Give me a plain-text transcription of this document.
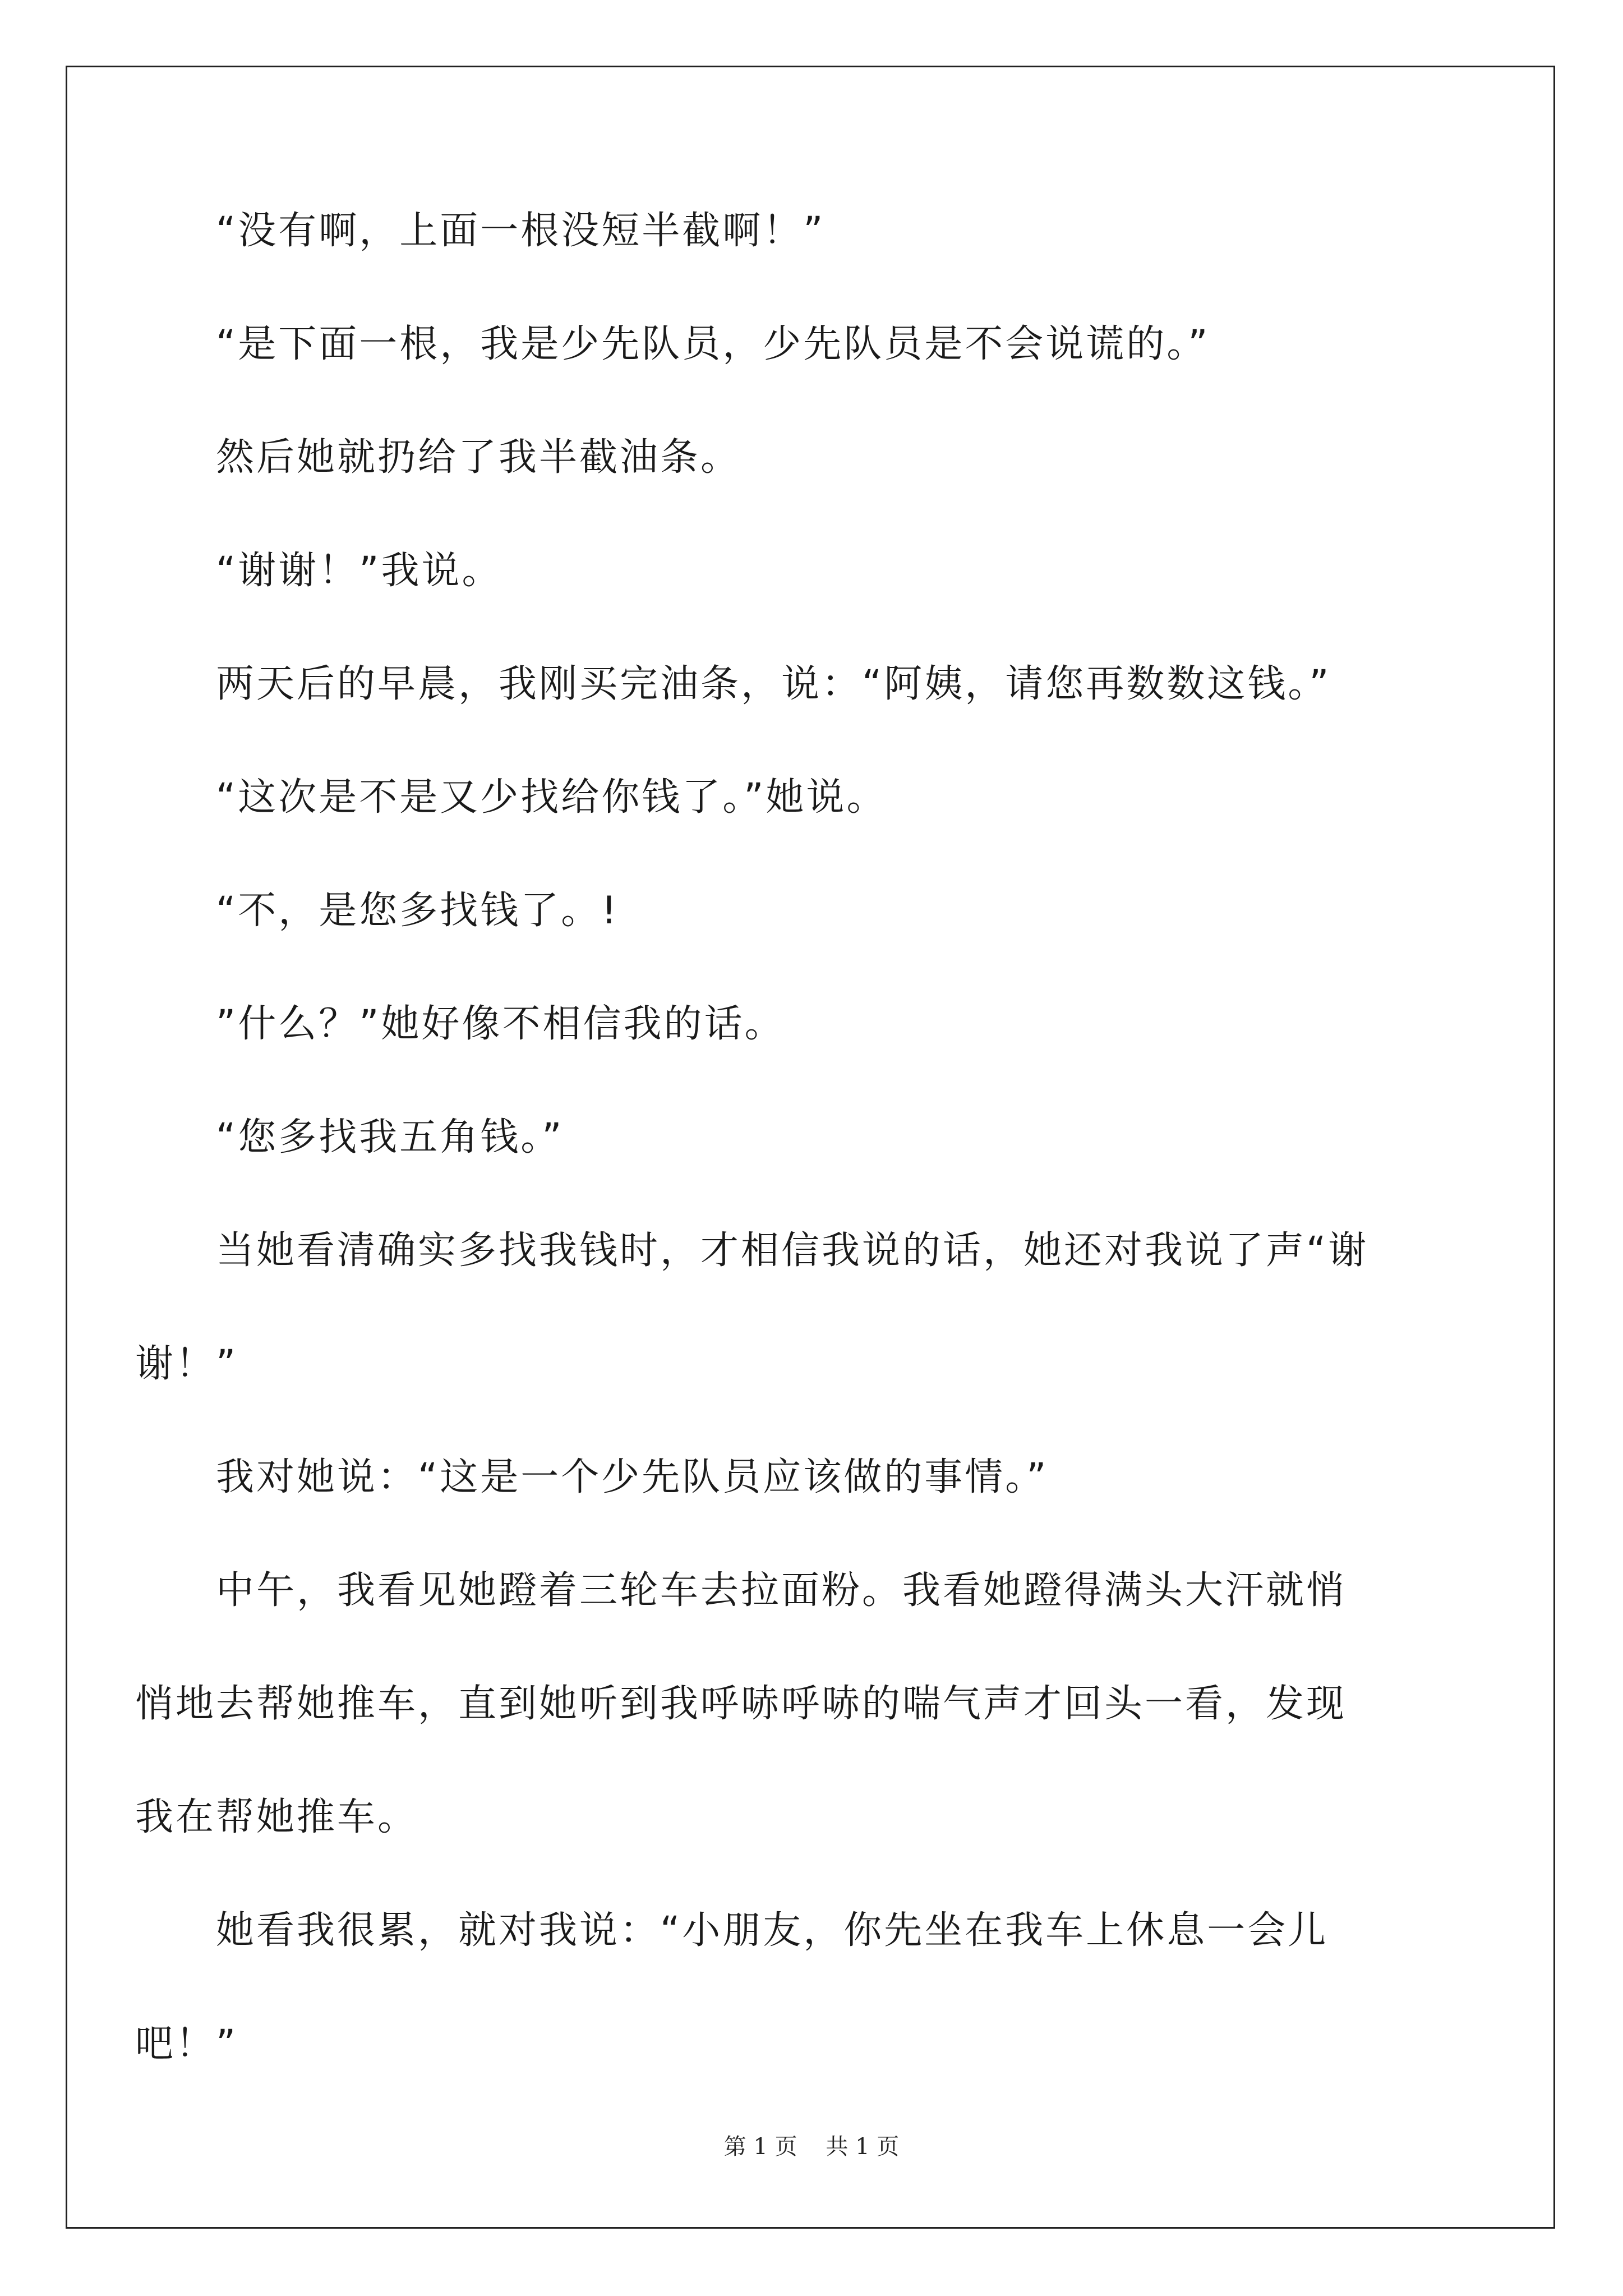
“没有啊，上面一根没短半截啊！”

“是下面一根，我是少先队员，少先队员是不会说谎的。”

然后她就扔给了我半截油条。

“谢谢！”我说。

两天后的早晨，我刚买完油条，说：“阿姨，请您再数数这钱。”

“这次是不是又少找给你钱了。”她说。

“不，是您多找钱了。!

”什么？”她好像不相信我的话。

“您多找我五角钱。”

当她看清确实多找我钱时，才相信我说的话，她还对我说了声“谢

谢！”

我对她说：“这是一个少先队员应该做的事情。”

中午，我看见她蹬着三轮车去拉面粉。我看她蹬得满头大汗就悄

悄地去帮她推车，直到她听到我呼哧呼哧的喘气声才回头一看，发现

我在帮她推车。

她看我很累，就对我说：“小朋友，你先坐在我车上休息一会儿

吧！”

第 1 页    共 1 页
